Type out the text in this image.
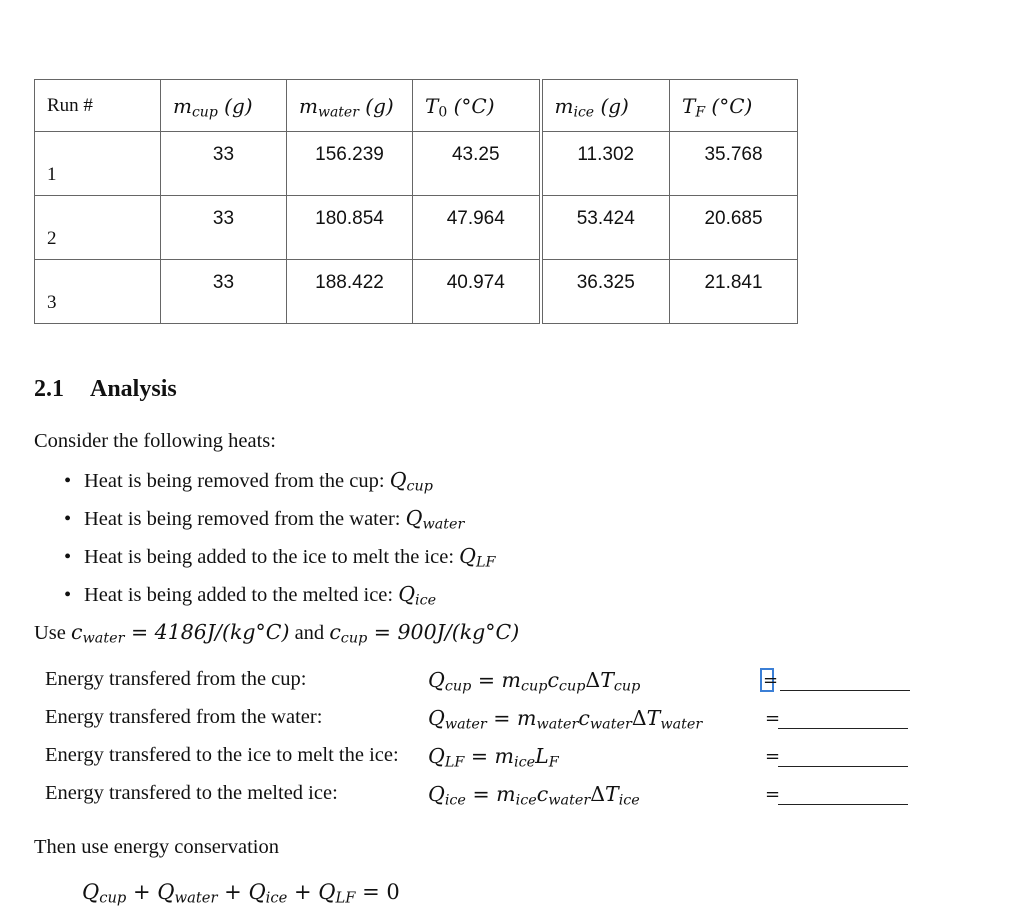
Run #	$m_{cup}$ (g)	$m_{water}$ (g)	$T_0$ (°C)	$m_{ice}$ (g)	$T_F$ (°C)
1	33	156.239	43.25	11.302	35.768
2	33	180.854	47.964	53.424	20.685
3	33	188.422	40.974	36.325	21.841
2.1 Analysis

Consider the following heats:

• Heat is being removed from the cup: $Q_{cup}$
• Heat is being removed from the water: $Q_{water}$
• Heat is being added to the ice to melt the ice: $Q_{LF}$
• Heat is being added to the melted ice: $Q_{ice}$

Use $c_{water} = 4186J/(kg^\circ C)$ and $c_{cup} = 900J/(kg^\circ C)$

Energy transfered from the cup:	$Q_{cup} = m_{cup}c_{cup}\Delta T_{cup}$	=
Energy transfered from the water:	$Q_{water} = m_{water}c_{water}\Delta T_{water}$	=
Energy transfered to the ice to melt the ice: $Q_{LF} = m_{ice}L_F$	=
Energy transfered to the melted ice:	$Q_{ice} = m_{ice}c_{water}\Delta T_{ice}$	=

Then use energy conservation

$Q_{cup} + Q_{water} + Q_{ice} + Q_{LF} = 0$
